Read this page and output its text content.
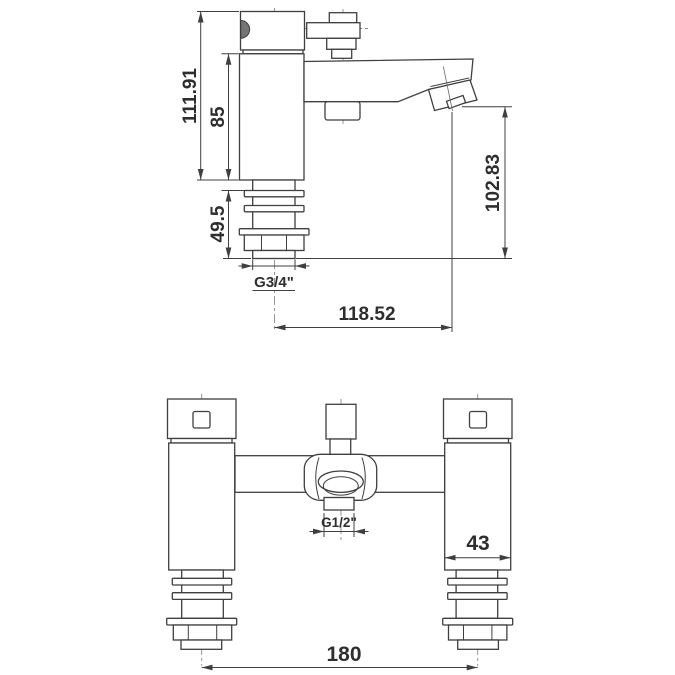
111.91 85
49.5
G3/4"
102.83
118.52
G1/2"
43
180
